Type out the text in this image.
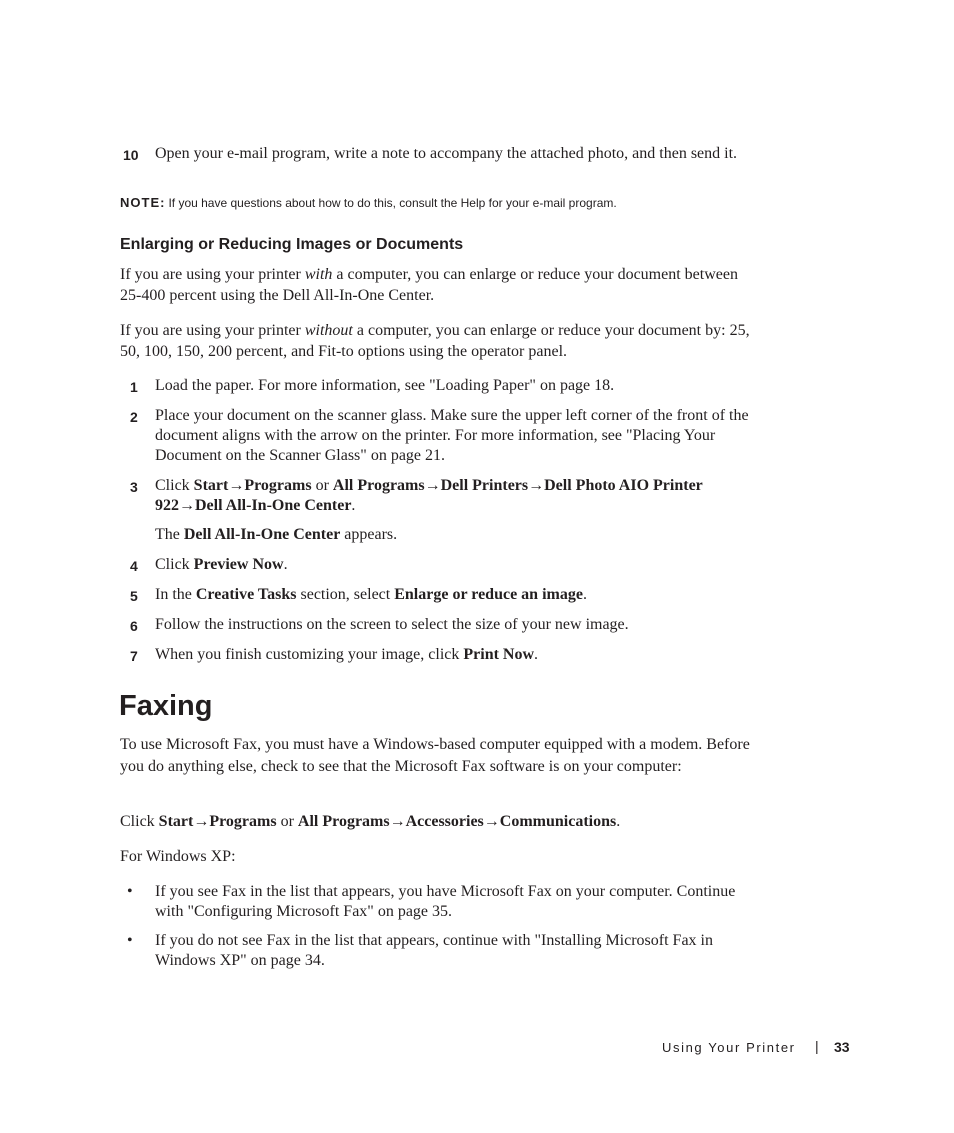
10 Open your e-mail program, write a note to accompany the attached photo, and then send it.
NOTE: If you have questions about how to do this, consult the Help for your e-mail program.
Enlarging or Reducing Images or Documents
If you are using your printer with a computer, you can enlarge or reduce your document between 25-400 percent using the Dell All-In-One Center.
If you are using your printer without a computer, you can enlarge or reduce your document by: 25, 50, 100, 150, 200 percent, and Fit-to options using the operator panel.
1	Load the paper. For more information, see "Loading Paper" on page 18.
2	Place your document on the scanner glass. Make sure the upper left corner of the front of the document aligns with the arrow on the printer. For more information, see "Placing Your Document on the Scanner Glass" on page 21.
3	Click Start→Programs or All Programs→Dell Printers→Dell Photo AIO Printer 922→Dell All-In-One Center.
The Dell All-In-One Center appears.
4	Click Preview Now.
5	In the Creative Tasks section, select Enlarge or reduce an image.
6	Follow the instructions on the screen to select the size of your new image.
7	When you finish customizing your image, click Print Now.
Faxing
To use Microsoft Fax, you must have a Windows-based computer equipped with a modem. Before you do anything else, check to see that the Microsoft Fax software is on your computer:
Click Start→Programs or All Programs→Accessories→Communications.
For Windows XP:
• If you see Fax in the list that appears, you have Microsoft Fax on your computer. Continue with "Configuring Microsoft Fax" on page 35.
• If you do not see Fax in the list that appears, continue with "Installing Microsoft Fax in Windows XP" on page 34.
Using Your Printer | 33
